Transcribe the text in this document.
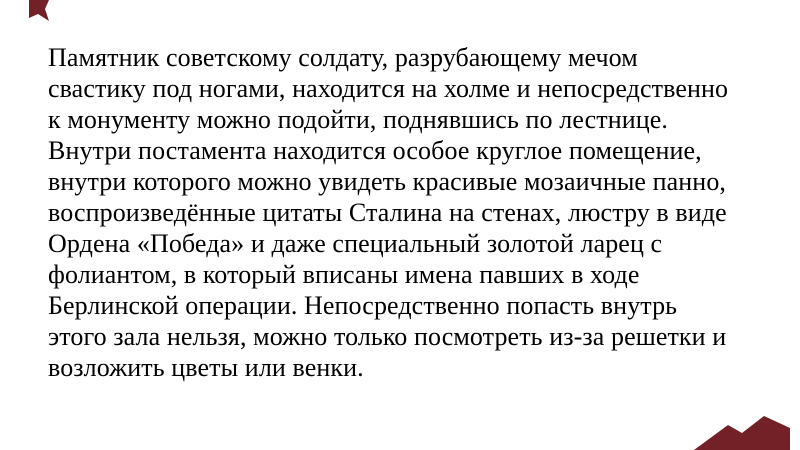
Памятник советскому солдату, разрубающему мечом
свастику под ногами, находится на холме и непосредственно
к монументу можно подойти, поднявшись по лестнице.
Внутри постамента находится особое круглое помещение,
внутри которого можно увидеть красивые мозаичные панно,
воспроизведённые цитаты Сталина на стенах, люстру в виде
Ордена «Победа» и даже специальный золотой ларец с
фолиантом, в который вписаны имена павших в ходе
Берлинской операции. Непосредственно попасть внутрь
этого зала нельзя, можно только посмотреть из-за решетки и
возложить цветы или венки.
